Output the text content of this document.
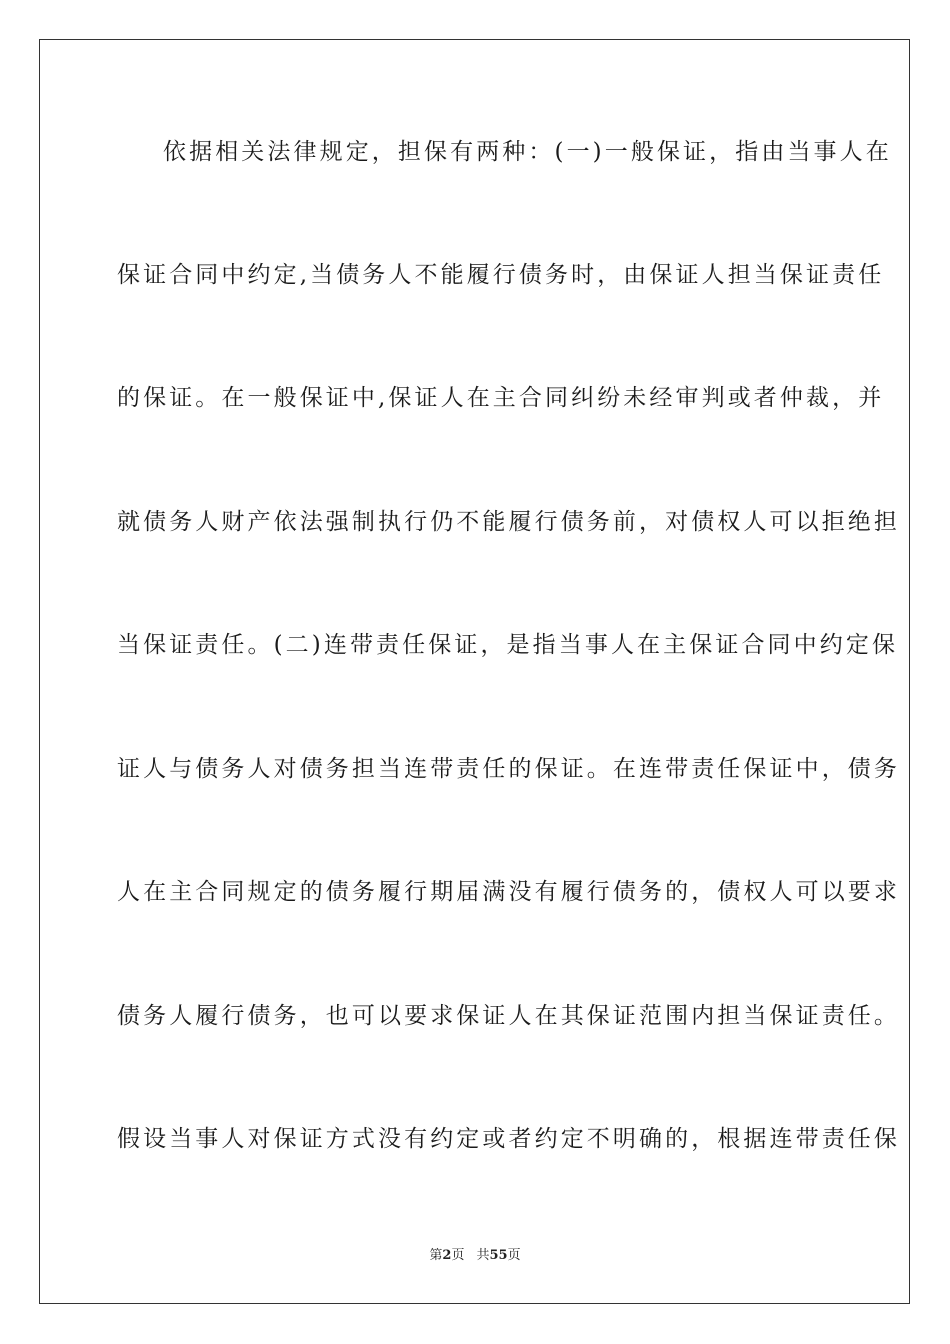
依据相关法律规定，担保有两种：(一)一般保证，指由当事人在
保证合同中约定,当债务人不能履行债务时，由保证人担当保证责任
的保证。在一般保证中,保证人在主合同纠纷未经审判或者仲裁，并
就债务人财产依法强制执行仍不能履行债务前，对债权人可以拒绝担
当保证责任。(二)连带责任保证，是指当事人在主保证合同中约定保
证人与债务人对债务担当连带责任的保证。在连带责任保证中，债务
人在主合同规定的债务履行期届满没有履行债务的，债权人可以要求
债务人履行债务，也可以要求保证人在其保证范围内担当保证责任。
假设当事人对保证方式没有约定或者约定不明确的，根据连带责任保
第2页 共55页
